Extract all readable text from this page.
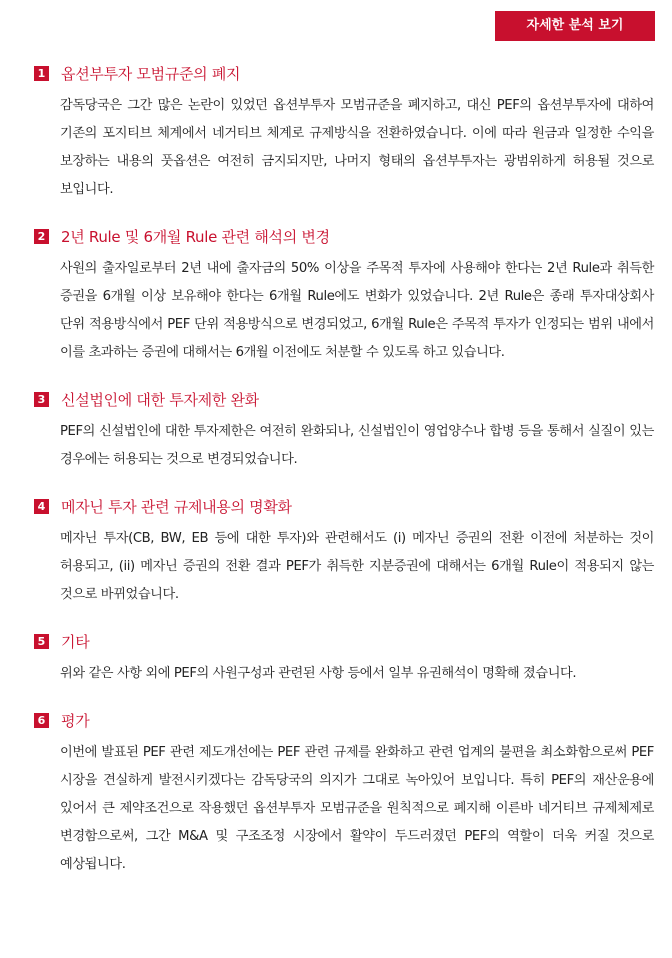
자세한 분석 보기
1 옵션부투자 모범규준의 폐지

감독당국은 그간 많은 논란이 있었던 옵션부투자 모범규준을 폐지하고, 대신 PEF의 옵션부투자에 대하여 기존의 포지티브 체계에서 네거티브 체계로 규제방식을 전환하였습니다. 이에 따라 원금과 일정한 수익을 보장하는 내용의 풋옵션은 여전히 금지되지만, 나머지 형태의 옵션부투자는 광범위하게 허용될 것으로 보입니다.

2 2년 Rule 및 6개월 Rule 관련 해석의 변경

사원의 출자일로부터 2년 내에 출자금의 50% 이상을 주목적 투자에 사용해야 한다는 2년 Rule과 취득한 증권을 6개월 이상 보유해야 한다는 6개월 Rule에도 변화가 있었습니다. 2년 Rule은 종래 투자대상회사 단위 적용방식에서 PEF 단위 적용방식으로 변경되었고, 6개월 Rule은 주목적 투자가 인정되는 범위 내에서 이를 초과하는 증권에 대해서는 6개월 이전에도 처분할 수 있도록 하고 있습니다.

3 신설법인에 대한 투자제한 완화

PEF의 신설법인에 대한 투자제한은 여전히 완화되나, 신설법인이 영업양수나 합병 등을 통해서 실질이 있는 경우에는 허용되는 것으로 변경되었습니다.

4 메자닌 투자 관련 규제내용의 명확화

메자닌 투자(CB, BW, EB 등에 대한 투자)와 관련해서도 (i) 메자닌 증권의 전환 이전에 처분하는 것이 허용되고, (ii) 메자닌 증권의 전환 결과 PEF가 취득한 지분증권에 대해서는 6개월 Rule이 적용되지 않는 것으로 바뀌었습니다.

5 기타

위와 같은 사항 외에 PEF의 사원구성과 관련된 사항 등에서 일부 유권해석이 명확해 졌습니다.

6 평가

이번에 발표된 PEF 관련 제도개선에는 PEF 관련 규제를 완화하고 관련 업계의 불편을 최소화함으로써 PEF 시장을 견실하게 발전시키겠다는 감독당국의 의지가 그대로 녹아있어 보입니다. 특히 PEF의 재산운용에 있어서 큰 제약조건으로 작용했던 옵션부투자 모범규준을 원칙적으로 폐지해 이른바 네거티브 규제체제로 변경함으로써, 그간 M&A 및 구조조정 시장에서 활약이 두드러졌던 PEF의 역할이 더욱 커질 것으로 예상됩니다.
